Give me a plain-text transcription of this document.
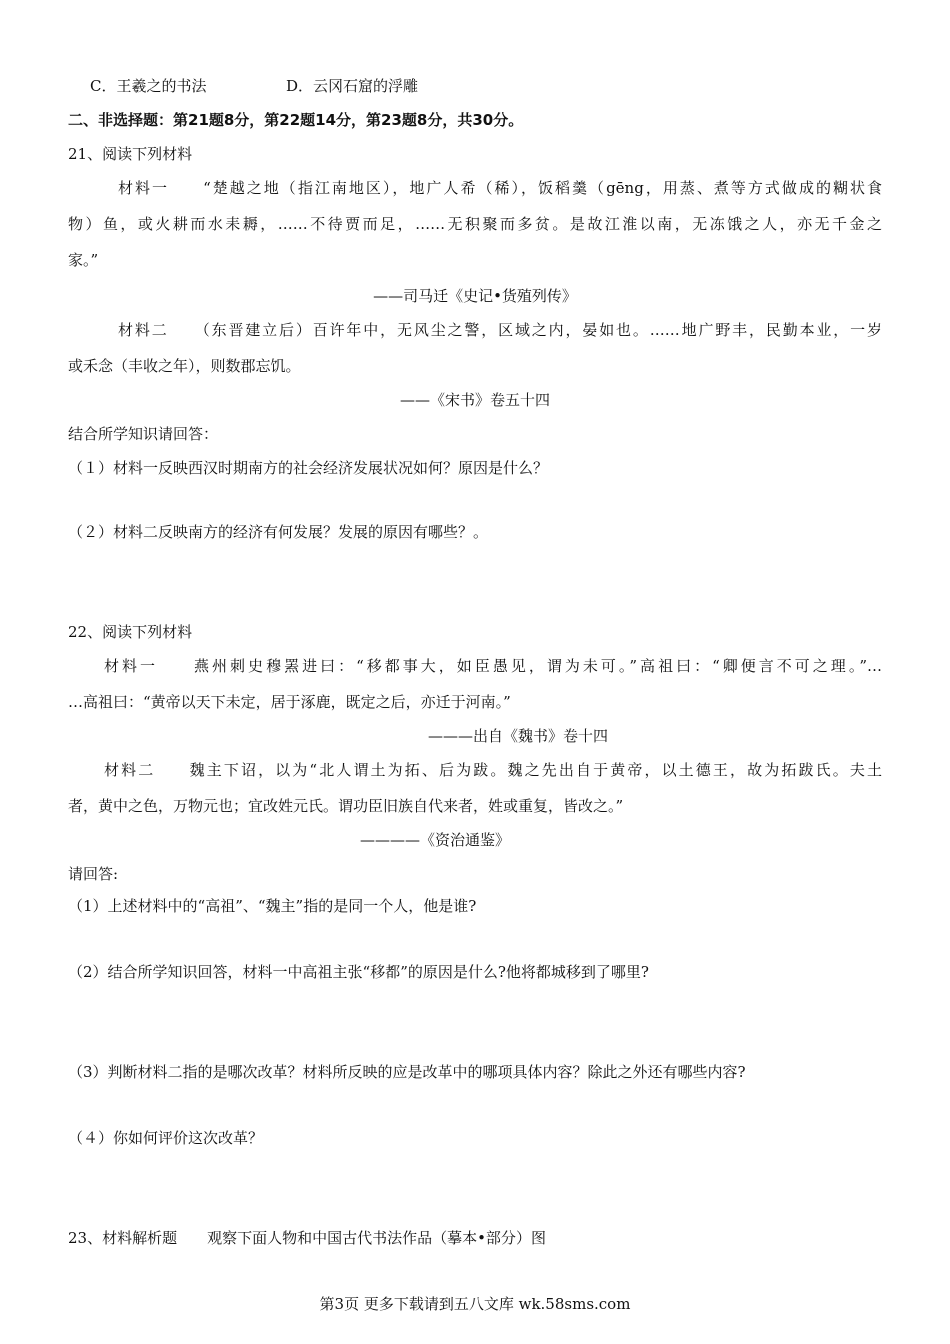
C．王羲之的书法	D．云冈石窟的浮雕
二、非选择题：第21题8分，第22题14分，第23题8分，共30分。
21、阅读下列材料
材料一　　“楚越之地（指江南地区），地广人希（稀），饭稻羹（gēng，用蒸、煮等方式做成的糊状食
物）鱼，或火耕而水耒耨，……不待贾而足，……无积聚而多贫。是故江淮以南，无冻饿之人，亦无千金之
家。”
——司马迁《史记•货殖列传》
材料二　　（东晋建立后）百许年中，无风尘之警，区域之内，晏如也。……地广野丰，民勤本业，一岁
或禾念（丰收之年），则数郡忘饥。
——《宋书》卷五十四
结合所学知识请回答：
（１）材料一反映西汉时期南方的社会经济发展状况如何？原因是什么？
（２）材料二反映南方的经济有何发展？发展的原因有哪些？。
22、阅读下列材料
材料一　　燕州刺史穆罴进曰：“移都事大，如臣愚见，谓为未可。”高祖曰：“卿便言不可之理。”…
…高祖曰：“黄帝以天下未定，居于涿鹿，既定之后，亦迁于河南。”
———出自《魏书》卷十四
材料二　　魏主下诏，以为“北人谓土为拓、后为跋。魏之先出自于黄帝，以土德王，故为拓跋氏。夫土
者，黄中之色，万物元也；宜改姓元氏。谓功臣旧族自代来者，姓或重复，皆改之。”
————《资治通鉴》
请回答:
（1）上述材料中的“高祖”、“魏主”指的是同一个人，他是谁?
（2）结合所学知识回答，材料一中高祖主张“移都”的原因是什么?他将都城移到了哪里?
（3）判断材料二指的是哪次改革？材料所反映的应是改革中的哪项具体内容？除此之外还有哪些内容?
（４）你如何评价这次改革？
23、材料解析题　　观察下面人物和中国古代书法作品（摹本•部分）图
第3页 更多下载请到五八文库 wk.58sms.com
